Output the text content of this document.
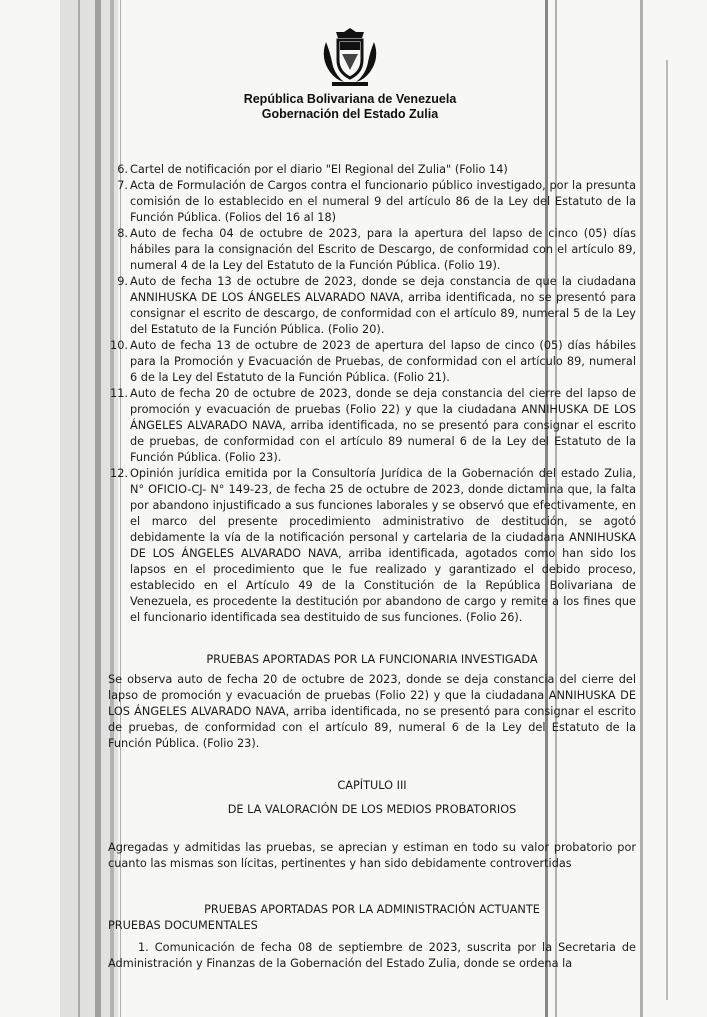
República Bolivariana de Venezuela
Gobernación del Estado Zulia
6. Cartel de notificación por el diario "El Regional del Zulia" (Folio 14)
7. Acta de Formulación de Cargos contra el funcionario público investigado, por la presunta comisión de lo establecido en el numeral 9 del artículo 86 de la Ley del Estatuto de la Función Pública. (Folios del 16 al 18)
8. Auto de fecha 04 de octubre de 2023, para la apertura del lapso de cinco (05) días hábiles para la consignación del Escrito de Descargo, de conformidad con el artículo 89, numeral 4 de la Ley del Estatuto de la Función Pública. (Folio 19).
9. Auto de fecha 13 de octubre de 2023, donde se deja constancia de que la ciudadana ANNIHUSKA DE LOS ÁNGELES ALVARADO NAVA, arriba identificada, no se presentó para consignar el escrito de descargo, de conformidad con el artículo 89, numeral 5 de la Ley del Estatuto de la Función Pública. (Folio 20).
10. Auto de fecha 13 de octubre de 2023 de apertura del lapso de cinco (05) días hábiles para la Promoción y Evacuación de Pruebas, de conformidad con el artículo 89, numeral 6 de la Ley del Estatuto de la Función Pública. (Folio 21).
11. Auto de fecha 20 de octubre de 2023, donde se deja constancia del cierre del lapso de promoción y evacuación de pruebas (Folio 22) y que la ciudadana ANNIHUSKA DE LOS ÁNGELES ALVARADO NAVA, arriba identificada, no se presentó para consignar el escrito de pruebas, de conformidad con el artículo 89 numeral 6 de la Ley del Estatuto de la Función Pública. (Folio 23).
12. Opinión jurídica emitida por la Consultoría Jurídica de la Gobernación del estado Zulia, N° OFICIO-CJ- N° 149-23, de fecha 25 de octubre de 2023, donde dictamina que, la falta por abandono injustificado a sus funciones laborales y se observó que efectivamente, en el marco del presente procedimiento administrativo de destitución, se agotó debidamente la vía de la notificación personal y cartelaria de la ciudadana ANNIHUSKA DE LOS ÁNGELES ALVARADO NAVA, arriba identificada, agotados como han sido los lapsos en el procedimiento que le fue realizado y garantizado el debido proceso, establecido en el Artículo 49 de la Constitución de la República Bolivariana de Venezuela, es procedente la destitución por abandono de cargo y remite a los fines que el funcionario identificada sea destituido de sus funciones. (Folio 26).

PRUEBAS APORTADAS POR LA FUNCIONARIA INVESTIGADA

Se observa auto de fecha 20 de octubre de 2023, donde se deja constancia del cierre del lapso de promoción y evacuación de pruebas (Folio 22) y que la ciudadana ANNIHUSKA DE LOS ÁNGELES ALVARADO NAVA, arriba identificada, no se presentó para consignar el escrito de pruebas, de conformidad con el artículo 89, numeral 6 de la Ley del Estatuto de la Función Pública. (Folio 23).

CAPÍTULO III

DE LA VALORACIÓN DE LOS MEDIOS PROBATORIOS

Agregadas y admitidas las pruebas, se aprecian y estiman en todo su valor probatorio por cuanto las mismas son lícitas, pertinentes y han sido debidamente controvertidas

PRUEBAS APORTADAS POR LA ADMINISTRACIÓN ACTUANTE

PRUEBAS DOCUMENTALES

1. Comunicación de fecha 08 de septiembre de 2023, suscrita por la Secretaria de Administración y Finanzas de la Gobernación del Estado Zulia, donde se ordena la
